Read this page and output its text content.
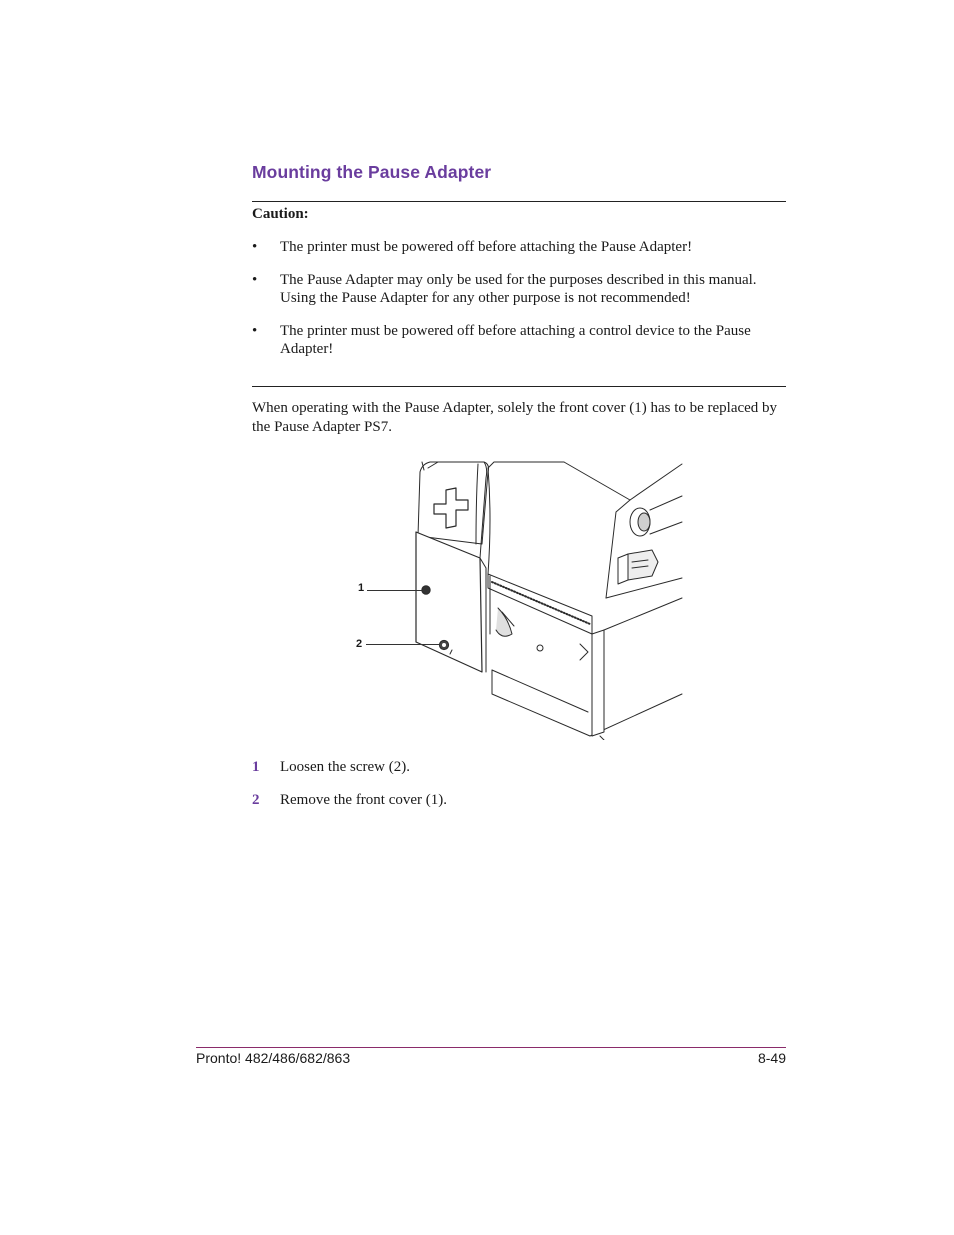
Mounting the Pause Adapter
Caution:
• The printer must be powered off before attaching the Pause Adapter!
• The Pause Adapter may only be used for the purposes described in this manual. Using the Pause Adapter for any other purpose is not recommended!
• The printer must be powered off before attaching a control device to the Pause Adapter!

When operating with the Pause Adapter, solely the front cover (1) has to be replaced by the Pause Adapter PS7.

1
2
1 Loosen the screw (2).
2 Remove the front cover (1).
Pronto! 482/486/682/863	8-49
